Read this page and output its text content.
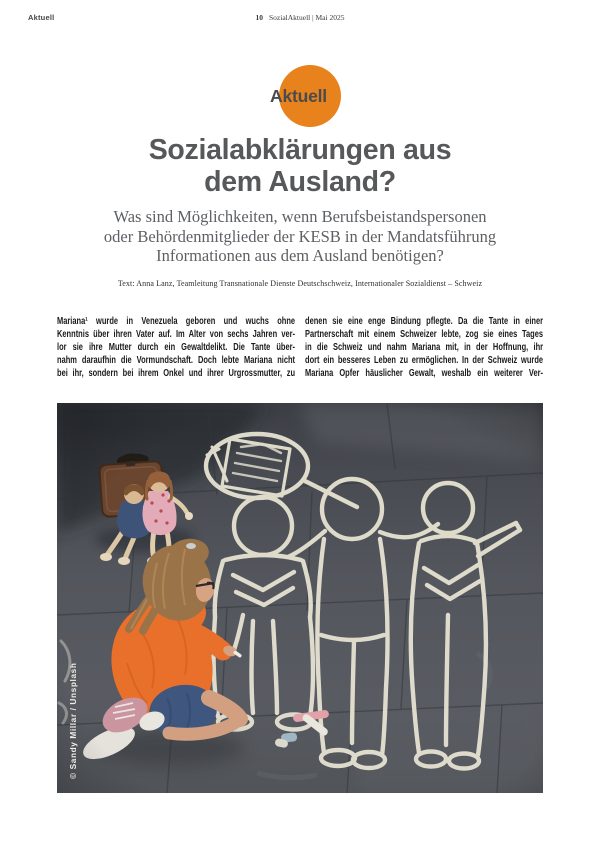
Aktuell	10 SozialAktuell | Mai 2025
Aktuell
Sozialabklärungen aus
dem Ausland?
Was sind Möglichkeiten, wenn Berufsbeistandspersonen
oder Behördenmitglieder der KESB in der Mandatsführung
Informationen aus dem Ausland benötigen?
Text: Anna Lanz, Teamleitung Transnationale Dienste Deutschschweiz, Internationaler Sozialdienst – Schweiz
Mariana¹ wurde in Venezuela geboren und wuchs ohne
Kenntnis über ihren Vater auf. Im Alter von sechs Jahren ver-
lor sie ihre Mutter durch ein Gewaltdelikt. Die Tante über-
nahm daraufhin die Vormundschaft. Doch lebte Mariana nicht
bei ihr, sondern bei ihrem Onkel und ihrer Urgrossmutter, zu
denen sie eine enge Bindung pflegte. Da die Tante in einer
Partnerschaft mit einem Schweizer lebte, zog sie eines Tages
in die Schweiz und nahm Mariana mit, in der Hoffnung, ihr
dort ein besseres Leben zu ermöglichen. In der Schweiz wurde
Mariana Opfer häuslicher Gewalt, weshalb ein weiterer Ver-
© Sandy Millar / Unsplash
